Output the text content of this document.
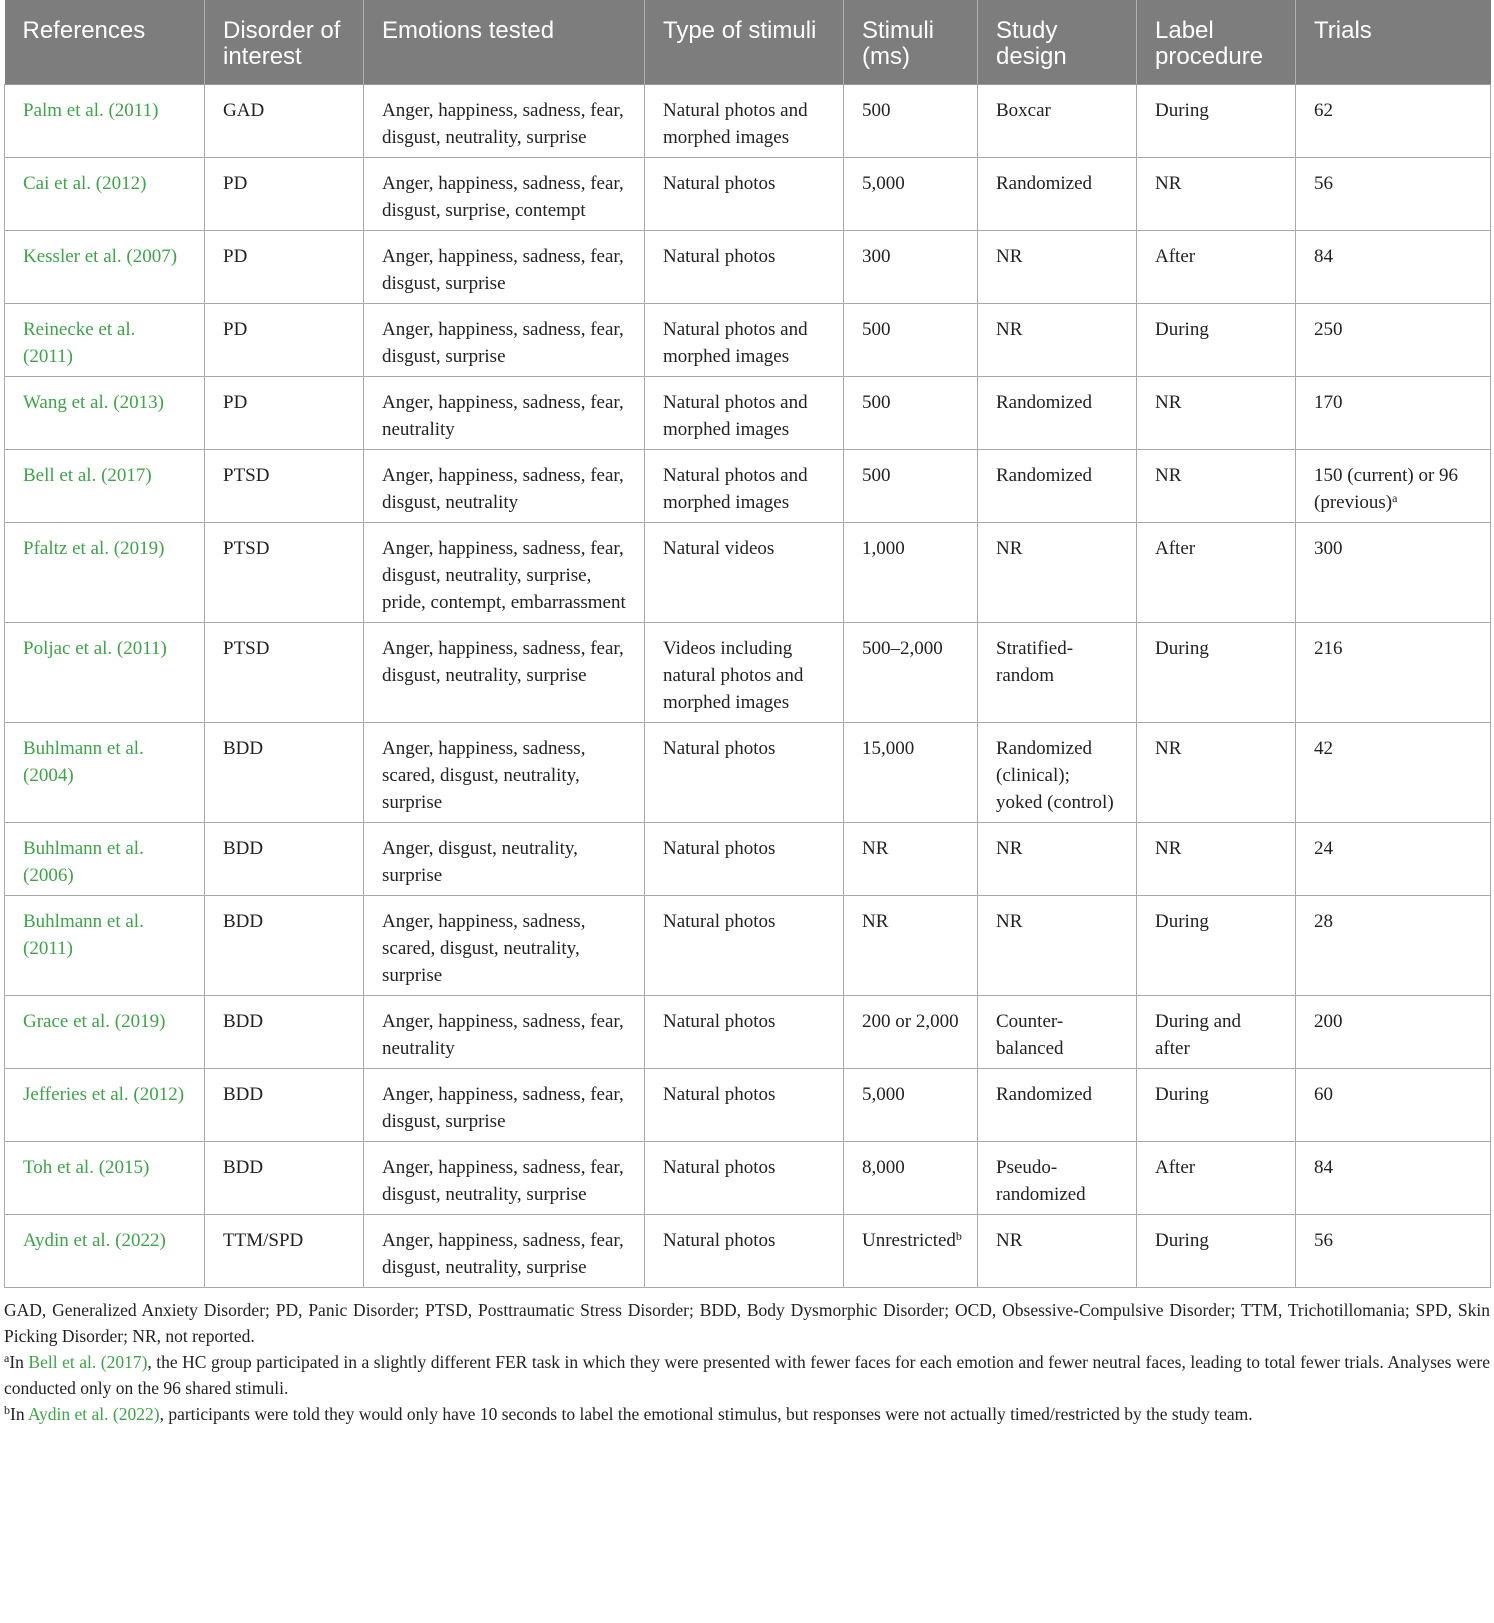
References	Disorder of interest	Emotions tested	Type of stimuli	Stimuli (ms)	Study design	Label procedure	Trials
Palm et al. (2011)	GAD	Anger, happiness, sadness, fear, disgust, neutrality, surprise	Natural photos and morphed images	500	Boxcar	During	62
Cai et al. (2012)	PD	Anger, happiness, sadness, fear, disgust, surprise, contempt	Natural photos	5,000	Randomized	NR	56
Kessler et al. (2007)	PD	Anger, happiness, sadness, fear, disgust, surprise	Natural photos	300	NR	After	84
Reinecke et al. (2011)	PD	Anger, happiness, sadness, fear, disgust, surprise	Natural photos and morphed images	500	NR	During	250
Wang et al. (2013)	PD	Anger, happiness, sadness, fear, neutrality	Natural photos and morphed images	500	Randomized	NR	170
Bell et al. (2017)	PTSD	Anger, happiness, sadness, fear, disgust, neutrality	Natural photos and morphed images	500	Randomized	NR	150 (current) or 96 (previous)$^a$
Pfaltz et al. (2019)	PTSD	Anger, happiness, sadness, fear, disgust, neutrality, surprise, pride, contempt, embarrassment	Natural videos	1,000	NR	After	300
Poljac et al. (2011)	PTSD	Anger, happiness, sadness, fear, disgust, neutrality, surprise	Videos including natural photos and morphed images	500–2,000	Stratified-random	During	216
Buhlmann et al. (2004)	BDD	Anger, happiness, sadness, scared, disgust, neutrality, surprise	Natural photos	15,000	Randomized (clinical); yoked (control)	NR	42
Buhlmann et al. (2006)	BDD	Anger, disgust, neutrality, surprise	Natural photos	NR	NR	NR	24
Buhlmann et al. (2011)	BDD	Anger, happiness, sadness, scared, disgust, neutrality, surprise	Natural photos	NR	NR	During	28
Grace et al. (2019)	BDD	Anger, happiness, sadness, fear, neutrality	Natural photos	200 or 2,000	Counter-balanced	During and after	200
Jefferies et al. (2012)	BDD	Anger, happiness, sadness, fear, disgust, surprise	Natural photos	5,000	Randomized	During	60
Toh et al. (2015)	BDD	Anger, happiness, sadness, fear, disgust, neutrality, surprise	Natural photos	8,000	Pseudo-randomized	After	84
Aydin et al. (2022)	TTM/SPD	Anger, happiness, sadness, fear, disgust, neutrality, surprise	Natural photos	Unrestricted$^b$	NR	During	56

GAD, Generalized Anxiety Disorder; PD, Panic Disorder; PTSD, Posttraumatic Stress Disorder; BDD, Body Dysmorphic Disorder; OCD, Obsessive-Compulsive Disorder; TTM, Trichotillomania; SPD, Skin Picking Disorder; NR, not reported.

$^a$In Bell et al. (2017), the HC group participated in a slightly different FER task in which they were presented with fewer faces for each emotion and fewer neutral faces, leading to total fewer trials. Analyses were conducted only on the 96 shared stimuli.

$^b$In Aydin et al. (2022), participants were told they would only have 10 seconds to label the emotional stimulus, but responses were not actually timed/restricted by the study team.
